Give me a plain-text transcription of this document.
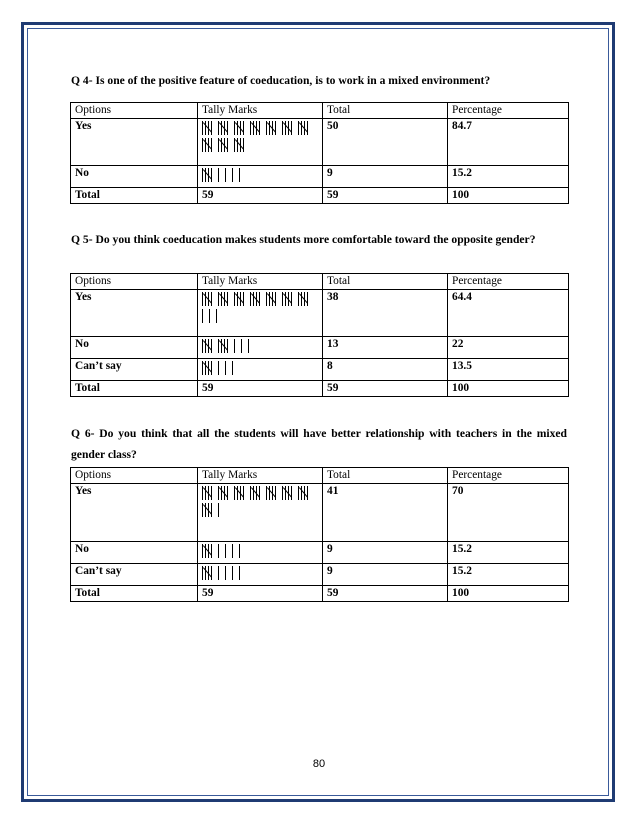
Q 4- Is one of the positive feature of coeducation, is to work in a mixed environment?
Options	Tally Marks	Total	Percentage
Yes		50	84.7
No		9	15.2
Total	59	59	100
Q 5- Do you think coeducation makes students more comfortable toward the opposite gender?
Options	Tally Marks	Total	Percentage
Yes		38	64.4
No		13	22
Can’t say		8	13.5
Total	59	59	100
Q 6- Do you think that all the students will have better relationship with teachers in the mixed gender class?
Options	Tally Marks	Total	Percentage
Yes		41	70
No		9	15.2
Can’t say		9	15.2
Total	59	59	100
80
